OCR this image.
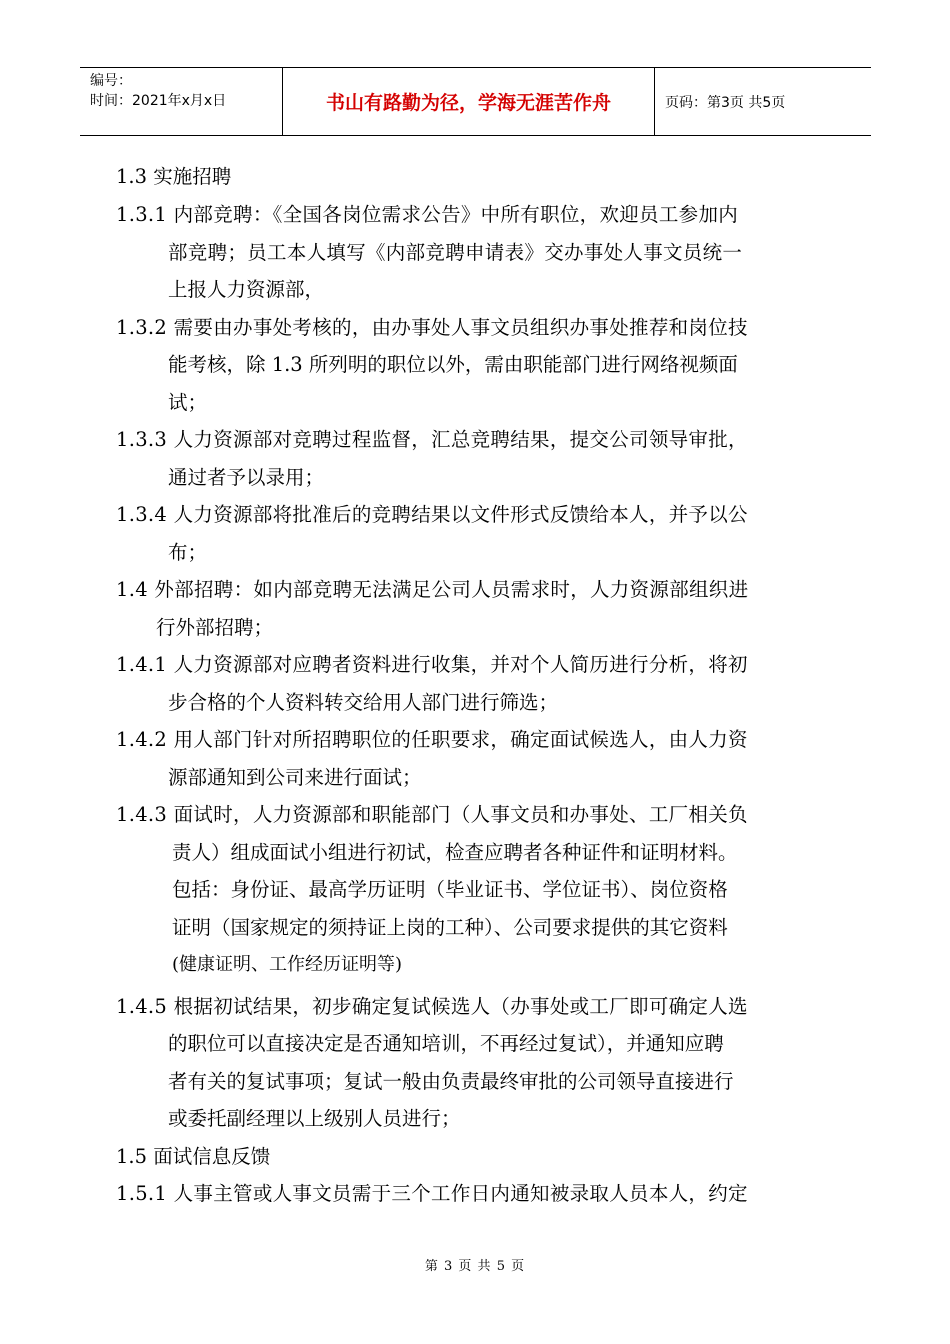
编号：
时间：2021年x月x日	书山有路勤为径，学海无涯苦作舟	页码：第3页 共5页
1.3 实施招聘
1.3.1 内部竞聘：《全国各岗位需求公告》中所有职位，欢迎员工参加内
部竞聘；员工本人填写《内部竞聘申请表》交办事处人事文员统一
上报人力资源部，
1.3.2 需要由办事处考核的，由办事处人事文员组织办事处推荐和岗位技
能考核，除 1.3 所列明的职位以外，需由职能部门进行网络视频面
试；
1.3.3 人力资源部对竞聘过程监督，汇总竞聘结果，提交公司领导审批，
通过者予以录用；
1.3.4 人力资源部将批准后的竞聘结果以文件形式反馈给本人，并予以公
布；
1.4 外部招聘：如内部竞聘无法满足公司人员需求时，人力资源部组织进
行外部招聘；
1.4.1 人力资源部对应聘者资料进行收集，并对个人简历进行分析，将初
步合格的个人资料转交给用人部门进行筛选；
1.4.2 用人部门针对所招聘职位的任职要求，确定面试候选人，由人力资
源部通知到公司来进行面试；
1.4.3 面试时，人力资源部和职能部门（人事文员和办事处、工厂相关负
责人）组成面试小组进行初试，检查应聘者各种证件和证明材料。
包括：身份证、最高学历证明（毕业证书、学位证书）、岗位资格
证明（国家规定的须持证上岗的工种）、公司要求提供的其它资料
(健康证明、工作经历证明等)
1.4.5 根据初试结果，初步确定复试候选人（办事处或工厂即可确定人选
的职位可以直接决定是否通知培训，不再经过复试），并通知应聘
者有关的复试事项；复试一般由负责最终审批的公司领导直接进行
或委托副经理以上级别人员进行；
1.5 面试信息反馈
1.5.1 人事主管或人事文员需于三个工作日内通知被录取人员本人，约定
第 3 页 共 5 页
